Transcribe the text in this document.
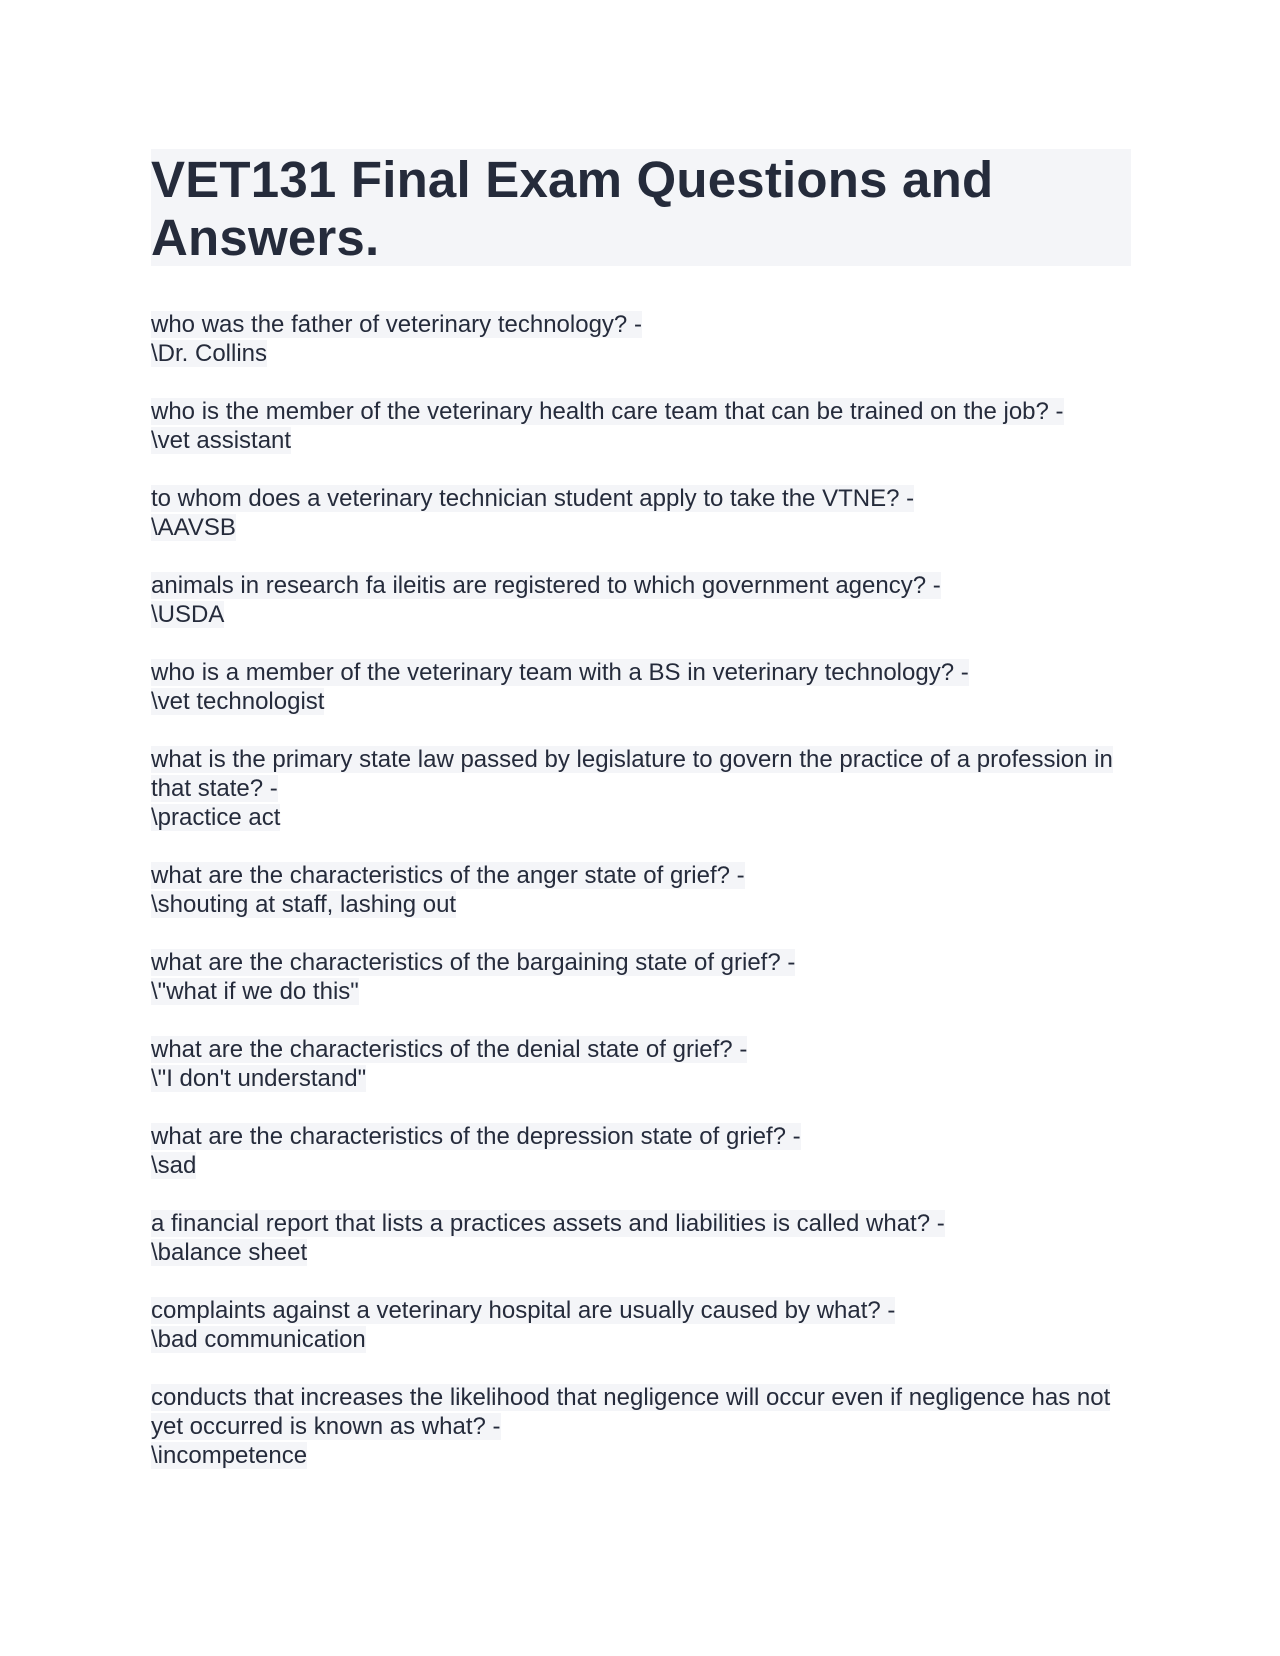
VET131 Final Exam Questions and Answers.
who was the father of veterinary technology? -
\Dr. Collins
who is the member of the veterinary health care team that can be trained on the job? -
\vet assistant
to whom does a veterinary technician student apply to take the VTNE? -
\AAVSB
animals in research fa ileitis are registered to which government agency? -
\USDA
who is a member of the veterinary team with a BS in veterinary technology? -
\vet technologist
what is the primary state law passed by legislature to govern the practice of a profession in that state? -
\practice act
what are the characteristics of the anger state of grief? -
\shouting at staff, lashing out
what are the characteristics of the bargaining state of grief? -
\"what if we do this"
what are the characteristics of the denial state of grief? -
\"I don't understand"
what are the characteristics of the depression state of grief? -
\sad
a financial report that lists a practices assets and liabilities is called what? -
\balance sheet
complaints against a veterinary hospital are usually caused by what? -
\bad communication
conducts that increases the likelihood that negligence will occur even if negligence has not yet occurred is known as what? -
\incompetence
